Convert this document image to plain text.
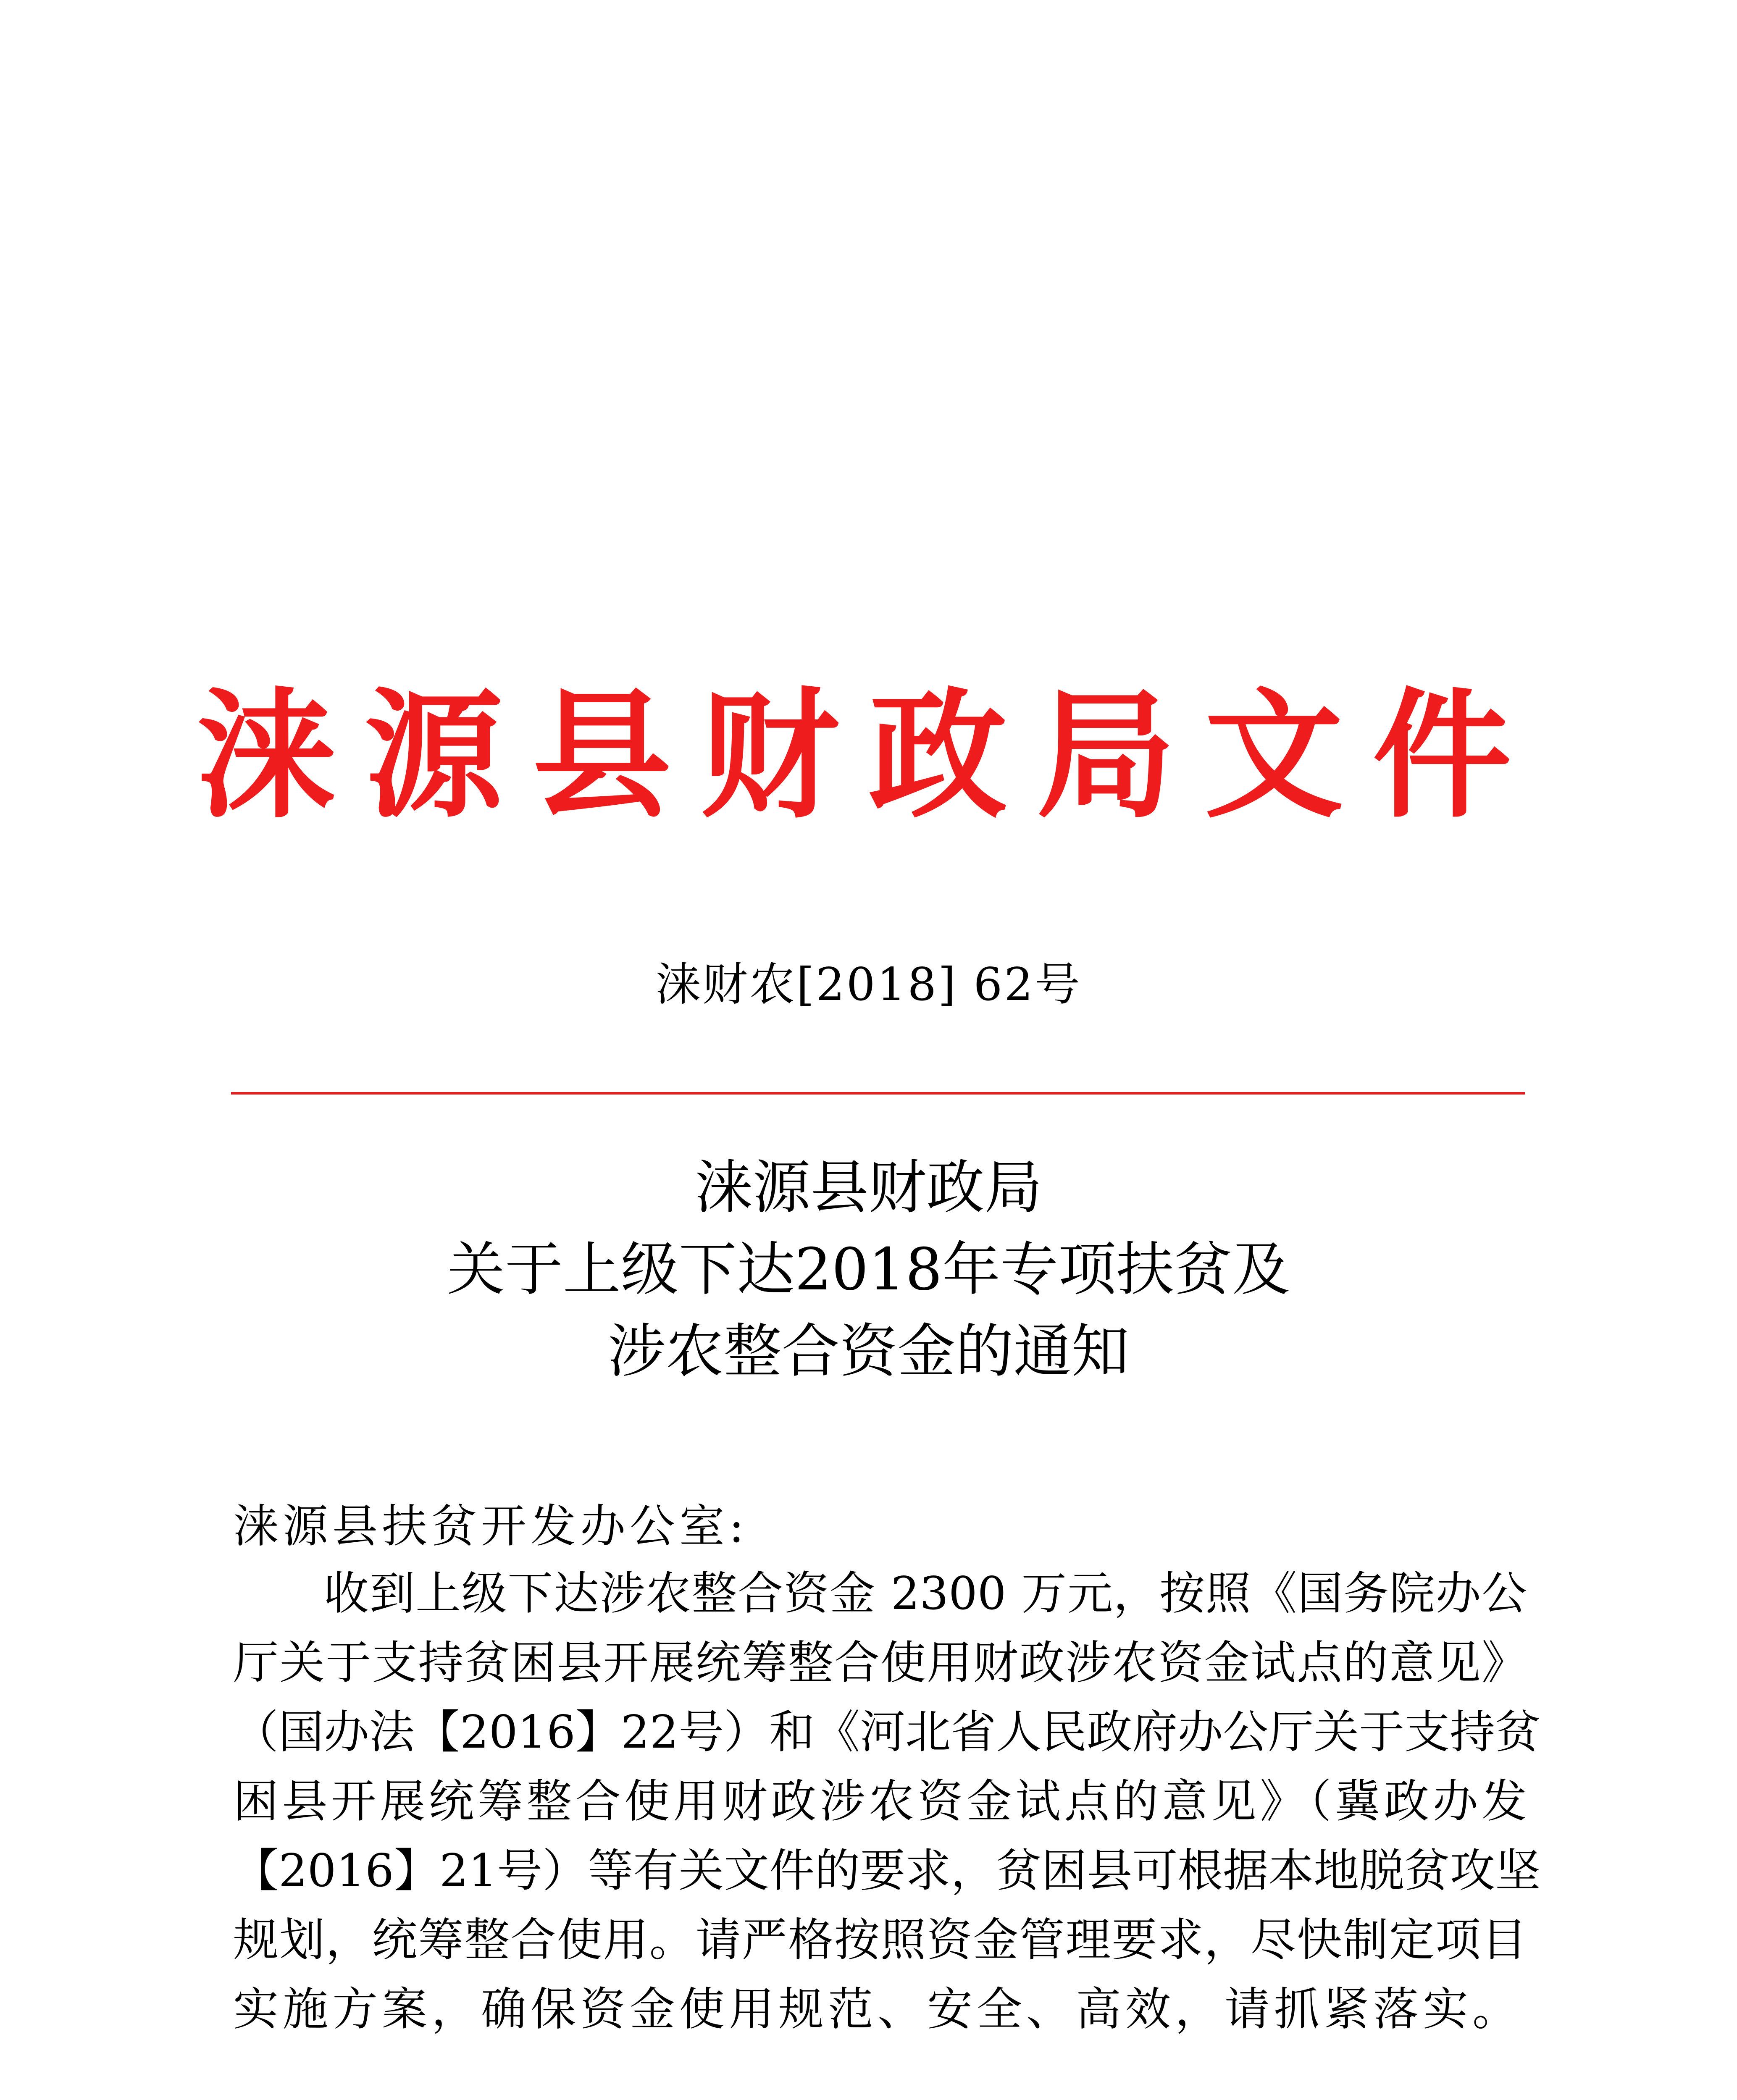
涞源县财政局文件
涞财农[2018] 62号
涞源县财政局
关于上级下达2018年专项扶贫及
涉农整合资金的通知
涞源县扶贫开发办公室:
收到上级下达涉农整合资金 2300 万元，按照《国务院办公
厅关于支持贫困县开展统筹整合使用财政涉农资金试点的意见》
（国办法【2016】22号）和《河北省人民政府办公厅关于支持贫
困县开展统筹整合使用财政涉农资金试点的意见》（冀政办发
【2016】21号）等有关文件的要求，贫困县可根据本地脱贫攻坚
规划，统筹整合使用。请严格按照资金管理要求，尽快制定项目
实施方案，确保资金使用规范、安全、高效，请抓紧落实。
